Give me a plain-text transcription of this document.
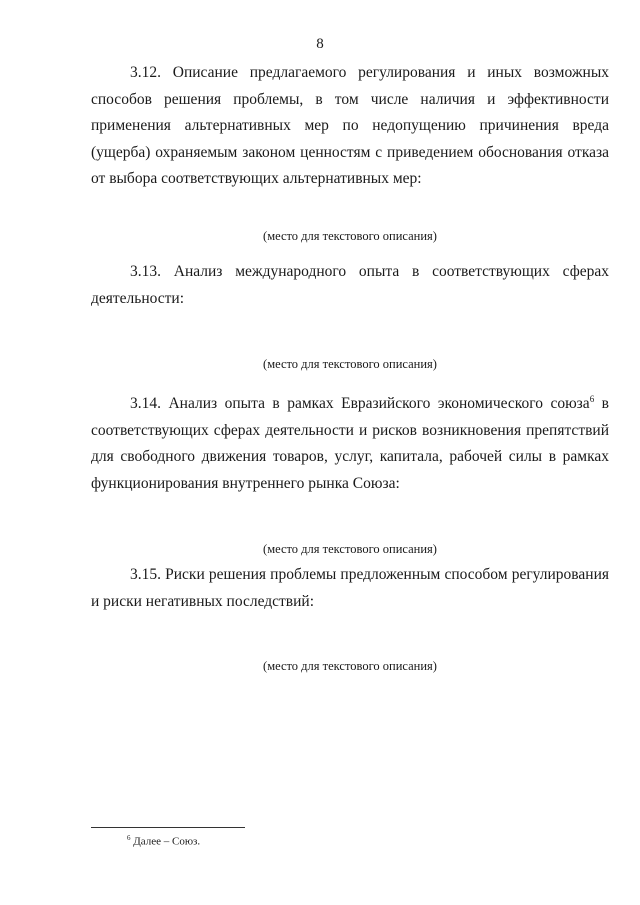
8

3.12. Описание предлагаемого регулирования и иных возможных способов решения проблемы, в том числе наличия и эффективности применения альтернативных мер по недопущению причинения вреда (ущерба) охраняемым законом ценностям с приведением обоснования отказа от выбора соответствующих альтернативных мер:

(место для текстового описания)

3.13. Анализ международного опыта в соответствующих сферах деятельности:

(место для текстового описания)

3.14. Анализ опыта в рамках Евразийского экономического союза$^6$ в соответствующих сферах деятельности и рисков возникновения препятствий для свободного движения товаров, услуг, капитала, рабочей силы в рамках функционирования внутреннего рынка Союза:

(место для текстового описания)

3.15. Риски решения проблемы предложенным способом регулирования и риски негативных последствий:

(место для текстового описания)
$^6$ Далее – Союз.
